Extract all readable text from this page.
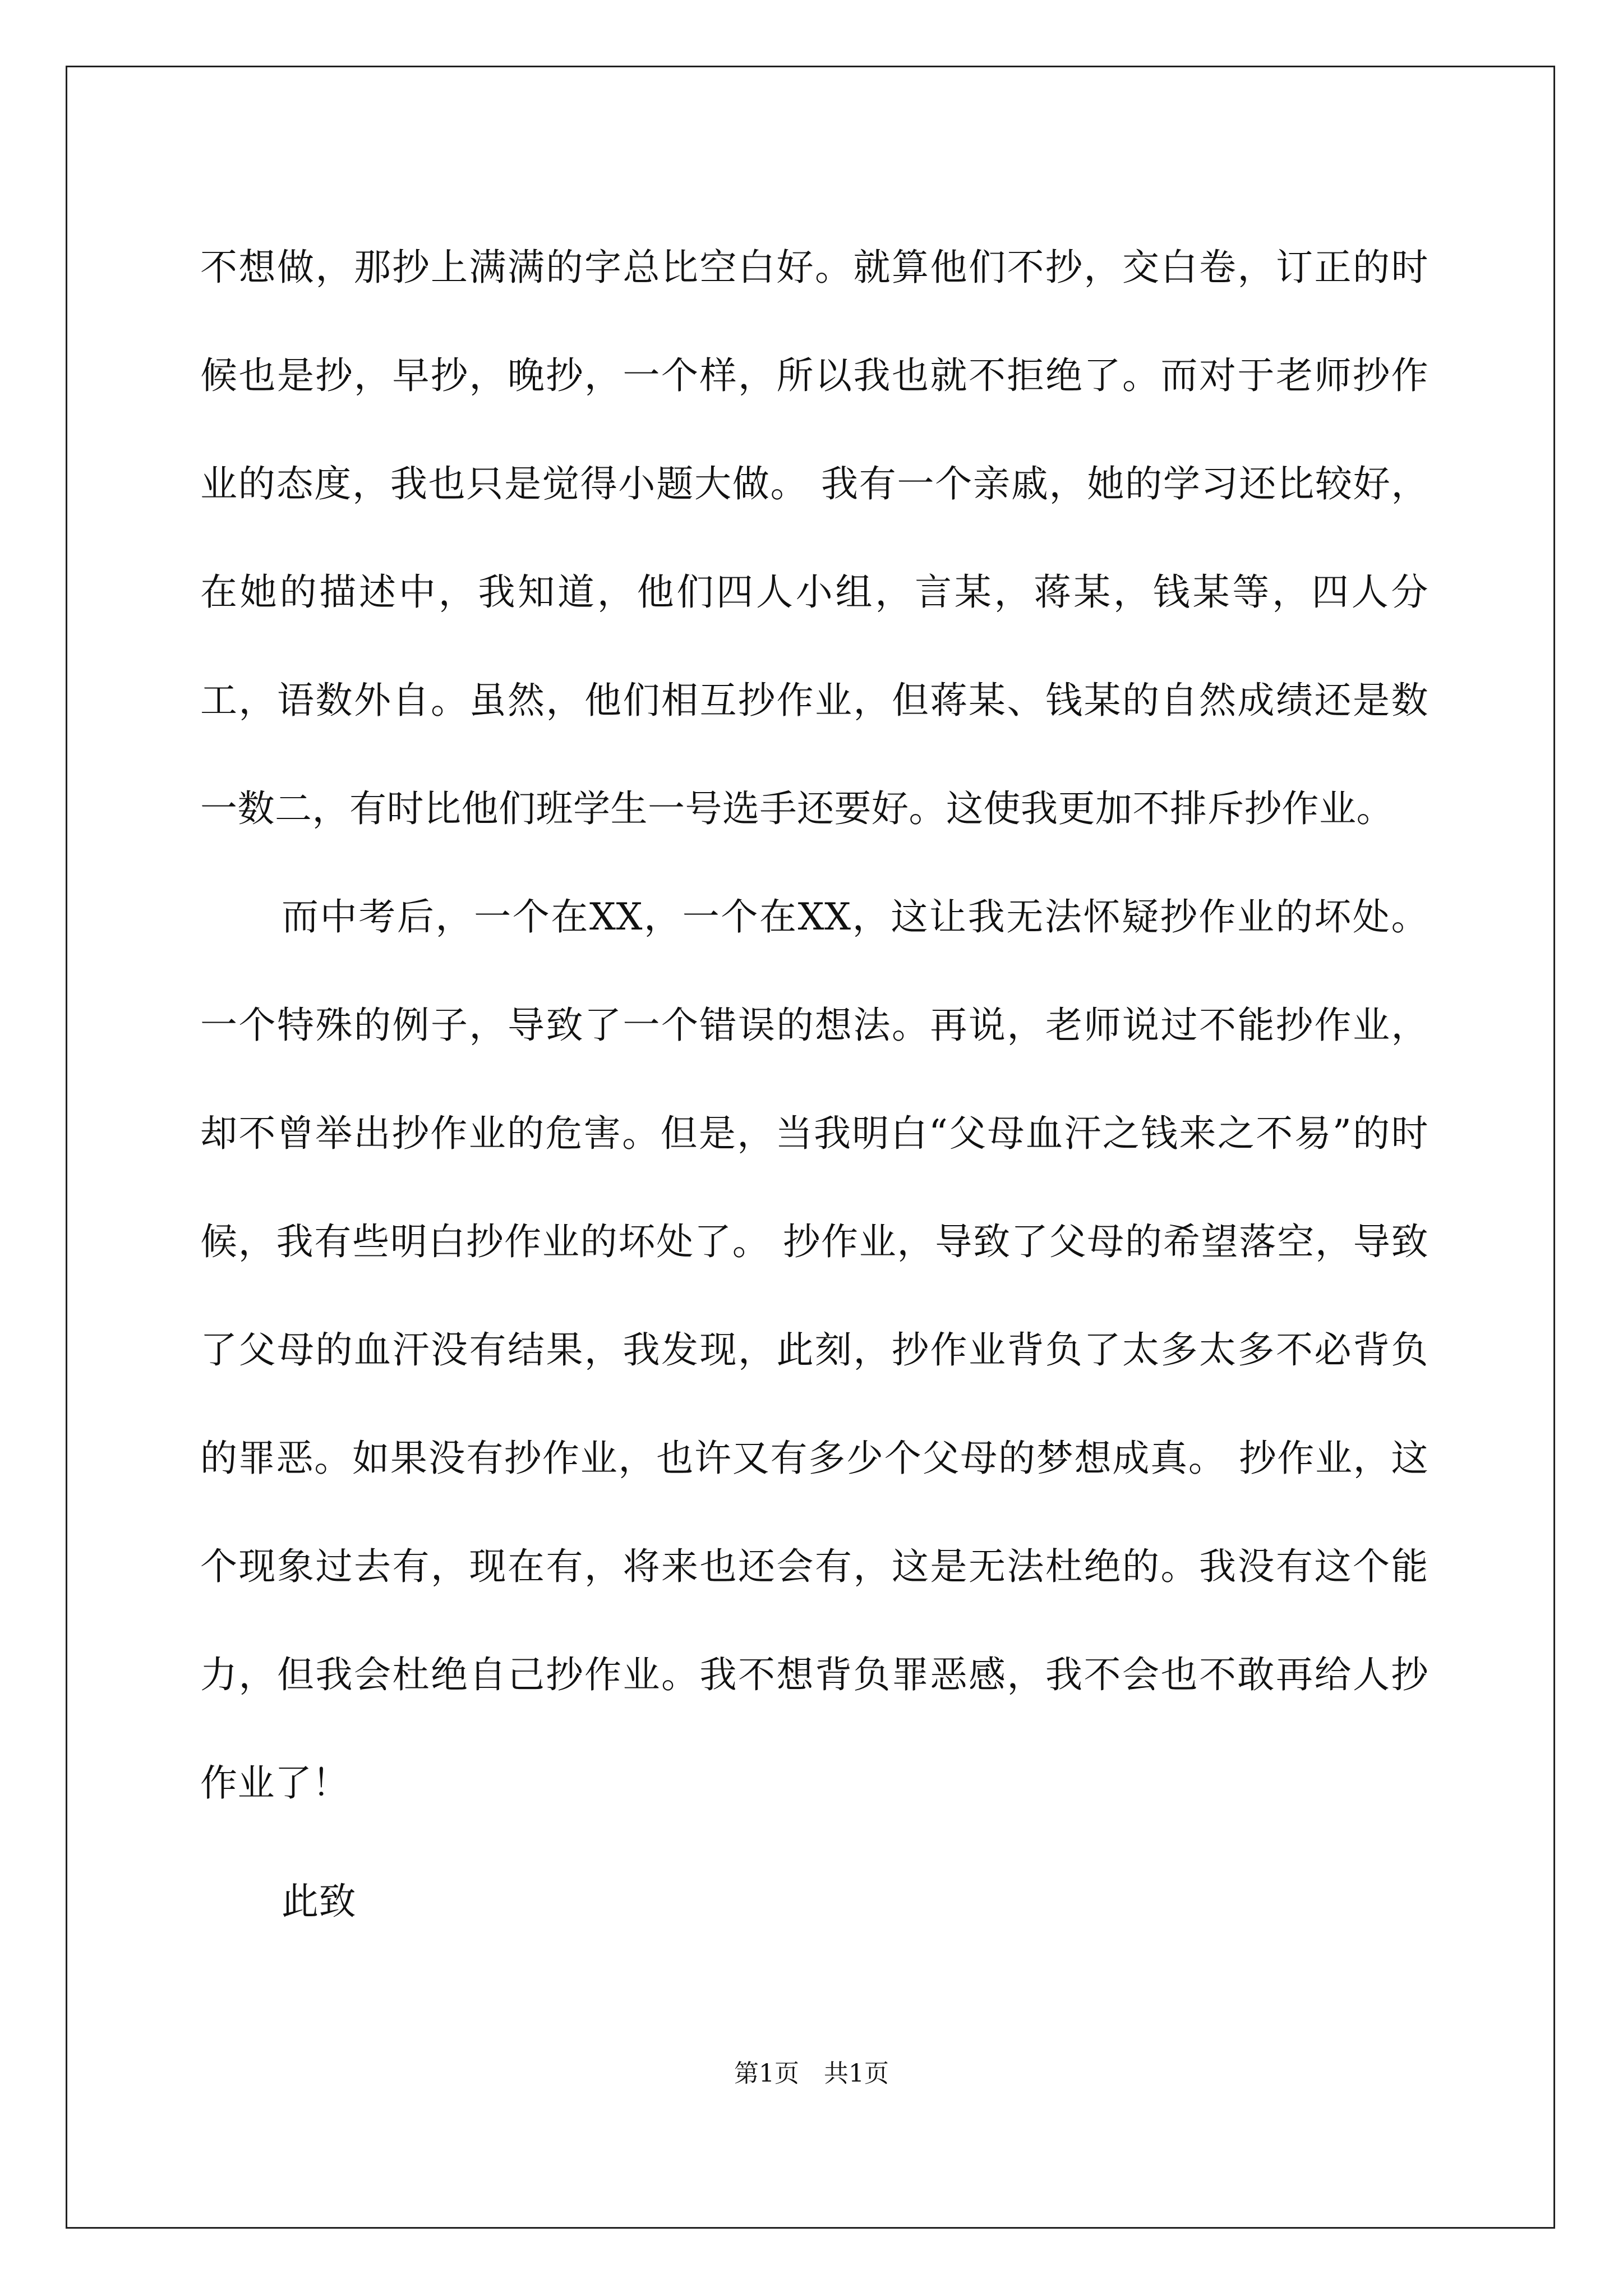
不想做，那抄上满满的字总比空白好。就算他们不抄，交白卷，订正的时候也是抄，早抄，晚抄，一个样，所以我也就不拒绝了。而对于老师抄作业的态度，我也只是觉得小题大做。 我有一个亲戚，她的学习还比较好，在她的描述中，我知道，他们四人小组，言某，蒋某，钱某等，四人分工，语数外自。虽然，他们相互抄作业，但蒋某、钱某的自然成绩还是数一数二，有时比他们班学生一号选手还要好。这使我更加不排斥抄作业。

而中考后，一个在XX，一个在XX，这让我无法怀疑抄作业的坏处。一个特殊的例子，导致了一个错误的想法。再说，老师说过不能抄作业，却不曾举出抄作业的危害。但是，当我明白“父母血汗之钱来之不易”的时候，我有些明白抄作业的坏处了。 抄作业，导致了父母的希望落空，导致了父母的血汗没有结果，我发现，此刻，抄作业背负了太多太多不必背负的罪恶。如果没有抄作业，也许又有多少个父母的梦想成真。 抄作业，这个现象过去有，现在有，将来也还会有，这是无法杜绝的。我没有这个能力，但我会杜绝自己抄作业。我不想背负罪恶感，我不会也不敢再给人抄作业了！

此致

第1页　共1页
